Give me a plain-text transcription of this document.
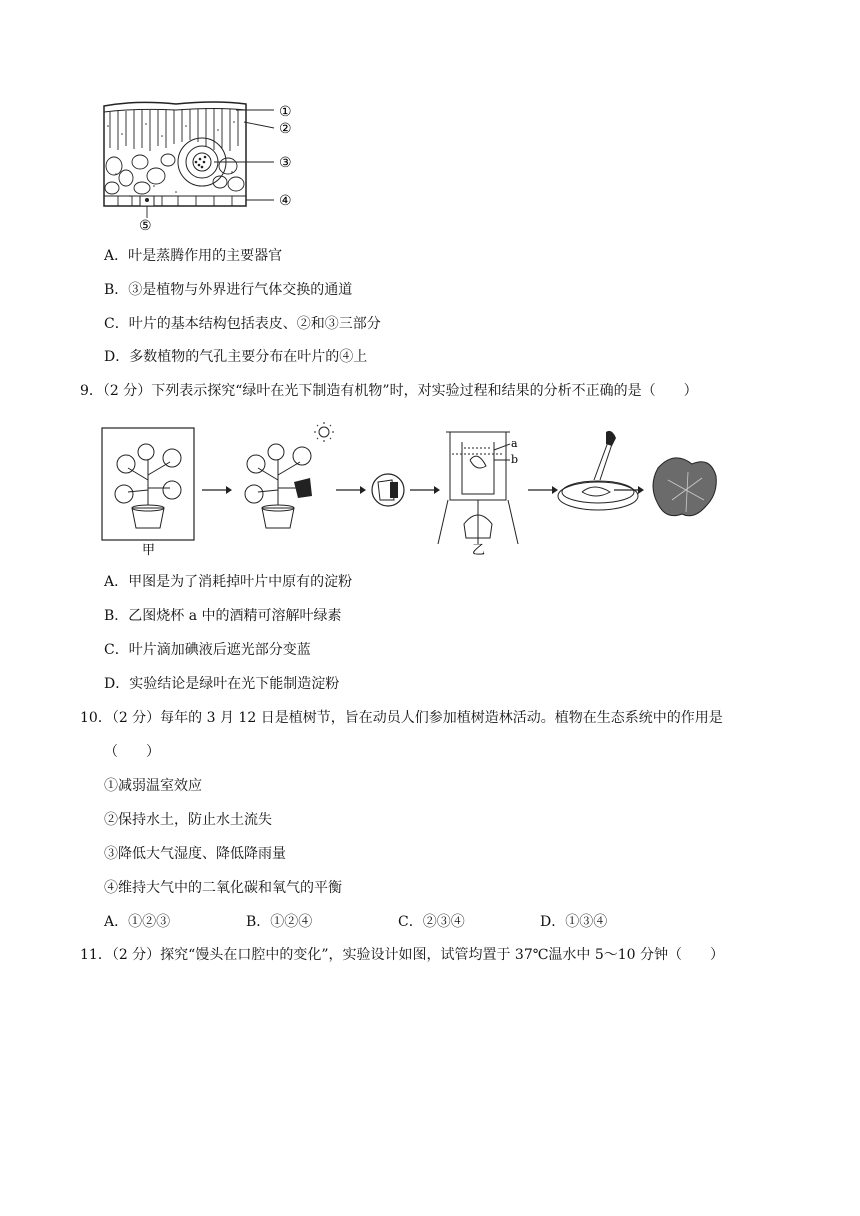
①
②
③
④
⑤
A．叶是蒸腾作用的主要器官
B．③是植物与外界进行气体交换的通道
C．叶片的基本结构包括表皮、②和③三部分
D．多数植物的气孔主要分布在叶片的④上
9．（2 分）下列表示探究“绿叶在光下制造有机物”时，对实验过程和结果的分析不正确的是（　　）
甲
a
b
乙
A．甲图是为了消耗掉叶片中原有的淀粉
B．乙图烧杯 a 中的酒精可溶解叶绿素
C．叶片滴加碘液后遮光部分变蓝
D．实验结论是绿叶在光下能制造淀粉
10．（2 分）每年的 3 月 12 日是植树节，旨在动员人们参加植树造林活动。植物在生态系统中的作用是
（　　）
①减弱温室效应
②保持水土，防止水土流失
③降低大气湿度、降低降雨量
④维持大气中的二氧化碳和氧气的平衡
A．①②③	B．①②④	C．②③④	D．①③④
11．（2 分）探究“馒头在口腔中的变化”，实验设计如图，试管均置于 37℃温水中 5～10 分钟（　　）
